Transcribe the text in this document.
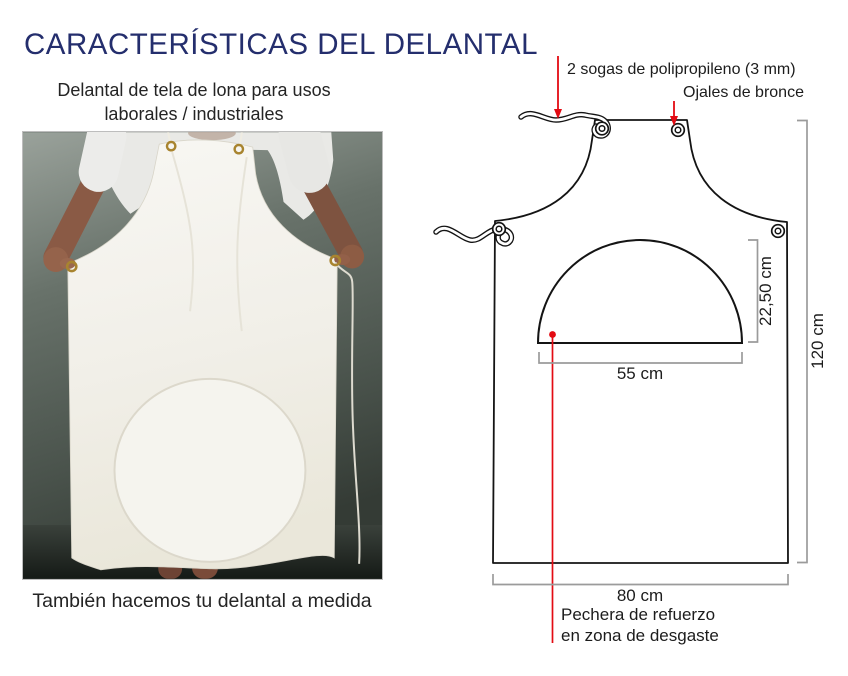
CARACTERÍSTICAS DEL DELANTAL
Delantal de tela de lona para usos
laborales / industriales
También hacemos tu delantal a medida
2 sogas de polipropileno (3 mm)
Ojales de bronce
55 cm
80 cm
22,50 cm
120 cm
Pechera de refuerzo
en zona de desgaste
